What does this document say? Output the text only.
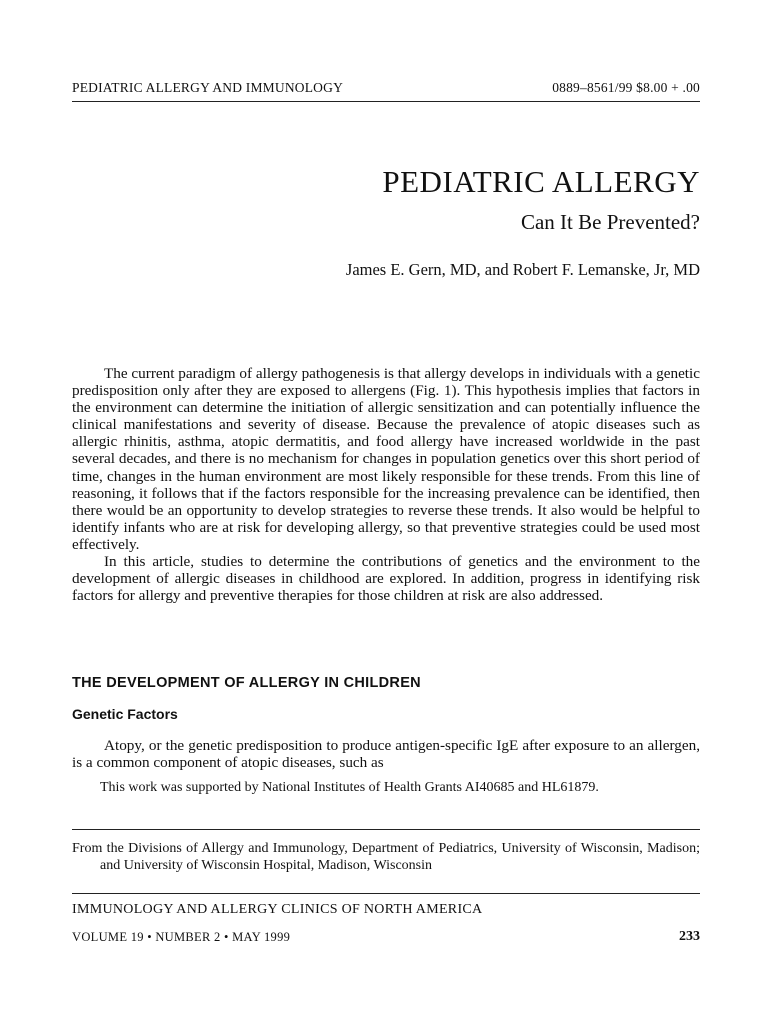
PEDIATRIC ALLERGY AND IMMUNOLOGY	0889–8561/99 $8.00 + .00
PEDIATRIC ALLERGY
Can It Be Prevented?
James E. Gern, MD, and Robert F. Lemanske, Jr, MD

The current paradigm of allergy pathogenesis is that allergy develops in individuals with a genetic predisposition only after they are exposed to allergens (Fig. 1). This hypothesis implies that factors in the environment can determine the initiation of allergic sensitization and can potentially influence the clinical manifestations and severity of disease. Because the prevalence of atopic diseases such as allergic rhinitis, asthma, atopic dermatitis, and food allergy have increased worldwide in the past several decades, and there is no mechanism for changes in population genetics over this short period of time, changes in the human environment are most likely responsible for these trends. From this line of reasoning, it follows that if the factors responsible for the increasing prevalence can be identified, then there would be an opportunity to develop strategies to reverse these trends. It also would be helpful to identify infants who are at risk for developing allergy, so that preventive strategies could be used most effectively.

In this article, studies to determine the contributions of genetics and the environment to the development of allergic diseases in childhood are explored. In addition, progress in identifying risk factors for allergy and preventive therapies for those children at risk are also addressed.

THE DEVELOPMENT OF ALLERGY IN CHILDREN
Genetic Factors

Atopy, or the genetic predisposition to produce antigen-specific IgE after exposure to an allergen, is a common component of atopic diseases, such as

This work was supported by National Institutes of Health Grants AI40685 and HL61879.

From the Divisions of Allergy and Immunology, Department of Pediatrics, University of Wisconsin, Madison; and University of Wisconsin Hospital, Madison, Wisconsin

IMMUNOLOGY AND ALLERGY CLINICS OF NORTH AMERICA
VOLUME 19 • NUMBER 2 • MAY 1999	233
